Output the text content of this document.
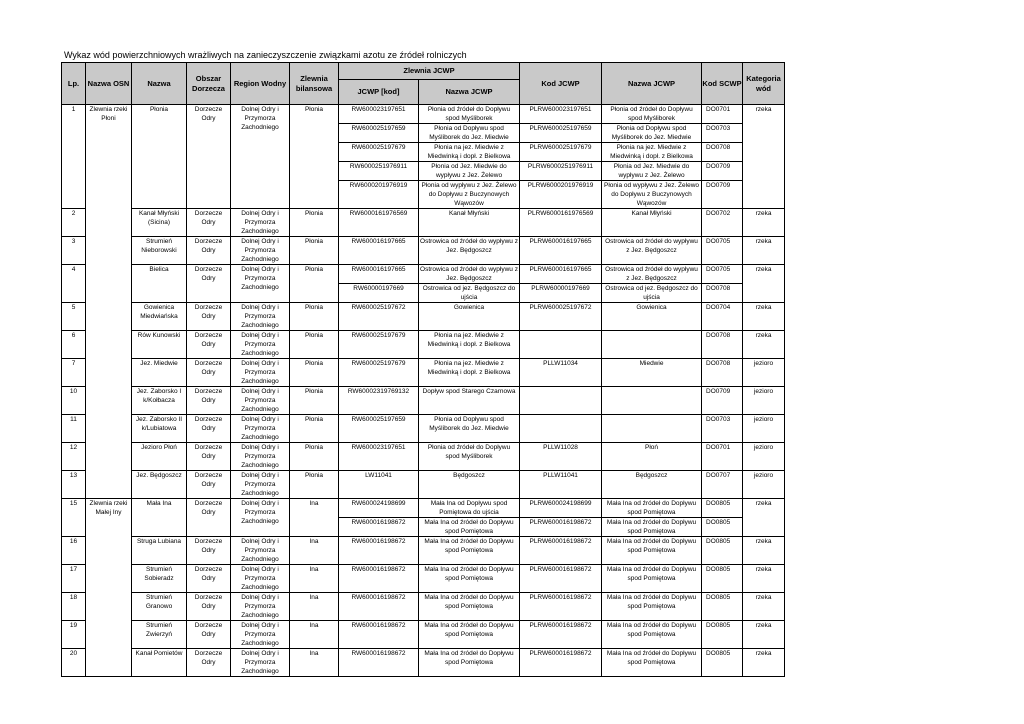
Wykaz wód powierzchniowych wrażliwych na zanieczyszczenie związkami azotu ze źródeł rolniczych
Lp.	Nazwa OSN	Nazwa	Obszar Dorzecza	Region Wodny	Zlewnia bilansowa	Zlewnia JCWP		Kod JCWP	Nazwa JCWP	Kod SCWP	Kategoria wód
						JCWP [kod]	Nazwa JCWP				
1	Zlewnia rzeki Płoni	Płonia	Dorzecze Odry	Dolnej Odry i Przymorza Zachodniego	Płonia	RW600023197651	Płonia od źródeł do Dopływu spod Myśliborek	PLRW600023197651	Płonia od źródeł do Dopływu spod Myśliborek	DO0701	rzeka
						RW600025197659	Płonia od Dopływu spod Myśliborek do Jez. Miedwie	PLRW600025197659	Płonia od Dopływu spod Myśliborek do Jez. Miedwie	DO0703	
						RW600025197679	Płonia na jez. Miedwie z Miedwinką i dopł. z Bielkowa	PLRW600025197679	Płonia na jez. Miedwie z Miedwinką i dopł. z Bielkowa	DO0708	
						RW6000251976911	Płonia od Jez. Miedwie do wypływu z Jez. Żelewo	PLRW6000251976911	Płonia od Jez. Miedwie do wypływu z Jez. Żelewo	DO0709	
						RW6000201976919	Płonia od wypływu z Jez. Żelewo do Dopływu z Buczynowych Wąwozów	PLRW6000201976919	Płonia od wypływu z Jez. Żelewo do Dopływu z Buczynowych Wąwozów	DO0709	
2		Kanał Młyński (Sicina)	Dorzecze Odry	Dolnej Odry i Przymorza Zachodniego	Płonia	RW6000161976569	Kanał Młyński	PLRW6000161976569	Kanał Młyński	DO0702	rzeka
3		Strumień Nieborowski	Dorzecze Odry	Dolnej Odry i Przymorza Zachodniego	Płonia	RW600016197665	Ostrowica od źródeł do wypływu z Jez. Będgoszcz	PLRW600016197665	Ostrowica od źródeł do wypływu z Jez. Będgoszcz	DO0705	rzeka
4		Bielica	Dorzecze Odry	Dolnej Odry i Przymorza Zachodniego	Płonia	RW600016197665	Ostrowica od źródeł do wypływu z Jez. Będgoszcz	PLRW600016197665	Ostrowica od źródeł do wypływu z Jez. Będgoszcz	DO0705	rzeka
						RW60000197669	Ostrowica od jez. Będgoszcz do ujścia	PLRW60000197669	Ostrowica od jez. Będgoszcz do ujścia	DO0708	
5		Gowienica Miedwiańska	Dorzecze Odry	Dolnej Odry i Przymorza Zachodniego	Płonia	RW600025197672	Gowienica	PLRW600025197672	Gowienica	DO0704	rzeka
6		Rów Kunowski	Dorzecze Odry	Dolnej Odry i Przymorza Zachodniego	Płonia	RW600025197679	Płonia na jez. Miedwie z Miedwinką i dopł. z Bielkowa			DO0708	rzeka
7		Jez. Miedwie	Dorzecze Odry	Dolnej Odry i Przymorza Zachodniego	Płonia	RW600025197679	Płonia na jez. Miedwie z Miedwinką i dopł. z Bielkowa	PLLW11034	Miedwie	DO0708	jezioro
10		Jez. Zaborsko I k/Kołbacza	Dorzecze Odry	Dolnej Odry i Przymorza Zachodniego	Płonia	RW60002319769132	Dopływ spod Starego Czarnowa			DO0709	jezioro
11		Jez. Zaborsko II k/Lubiatowa	Dorzecze Odry	Dolnej Odry i Przymorza Zachodniego	Płonia	RW600025197659	Płonia od Dopływu spod Myśliborek do Jez. Miedwie			DO0703	jezioro
12		Jezioro Płoń	Dorzecze Odry	Dolnej Odry i Przymorza Zachodniego	Płonia	RW600023197651	Płonia od źródeł do Dopływu spod Myśliborek	PLLW11028	Płoń	DO0701	jezioro
13		Jez. Będgoszcz	Dorzecze Odry	Dolnej Odry i Przymorza Zachodniego	Płonia	LW11041	Będgoszcz	PLLW11041	Będgoszcz	DO0707	jezioro
15	Zlewnia rzeki Małej Iny	Mała Ina	Dorzecze Odry	Dolnej Odry i Przymorza Zachodniego	Ina	RW600024198699	Mała Ina od Dopływu spod Pomiętowa do ujścia	PLRW600024198699	Mała Ina od źródeł do Dopływu spod Pomiętowa	DO0805	rzeka
						RW600016198672	Mała Ina od źródeł do Dopływu spod Pomiętowa	PLRW600016198672	Mała Ina od źródeł do Dopływu spod Pomiętowa	DO0805	
16		Struga Lubiana	Dorzecze Odry	Dolnej Odry i Przymorza Zachodniego	Ina	RW600016198672	Mała Ina od źródeł do Dopływu spod Pomiętowa	PLRW600016198672	Mała Ina od źródeł do Dopływu spod Pomiętowa	DO0805	rzeka
17		Strumień Sobieradz	Dorzecze Odry	Dolnej Odry i Przymorza Zachodniego	Ina	RW600016198672	Mała Ina od źródeł do Dopływu spod Pomiętowa	PLRW600016198672	Mała Ina od źródeł do Dopływu spod Pomiętowa	DO0805	rzeka
18		Strumień Granowo	Dorzecze Odry	Dolnej Odry i Przymorza Zachodniego	Ina	RW600016198672	Mała Ina od źródeł do Dopływu spod Pomiętowa	PLRW600016198672	Mała Ina od źródeł do Dopływu spod Pomiętowa	DO0805	rzeka
19		Strumień Zwierzyń	Dorzecze Odry	Dolnej Odry i Przymorza Zachodniego	Ina	RW600016198672	Mała Ina od źródeł do Dopływu spod Pomiętowa	PLRW600016198672	Mała Ina od źródeł do Dopływu spod Pomiętowa	DO0805	rzeka
20		Kanał Pomietów	Dorzecze Odry	Dolnej Odry i Przymorza Zachodniego	Ina	RW600016198672	Mała Ina od źródeł do Dopływu spod Pomiętowa	PLRW600016198672	Mała Ina od źródeł do Dopływu spod Pomiętowa	DO0805	rzeka
